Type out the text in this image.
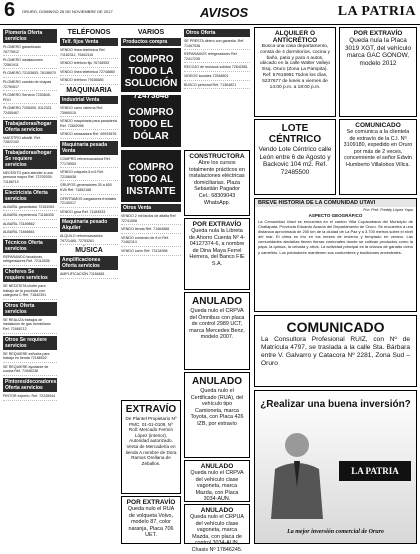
6 ORURO, DOMINGO 26 DE NOVIEMBRE DE 2017	AVISOS	LA PATRIA
Plomería Oferta servicios
PLOMERO garantizado 76775912
PLOMERO instalaciones 72561911
PLOMERO 72153653, 76158970
PLOMERO cambio de chapas 72750617
PLOMERO Servicio 7253845-PDO
PLOMERO 7208400, 5112321 72455467
Trabajadoras/hogar Oferta servicios
MAESTRO albañil. Ref. 72822192
Trabajadoras/hogar Se requiere servicios
NECESITO para atender a una persona mayor Ref. 72792939, 71166710
Electricista Oferta servicios
ALBAÑIL garantizado 72181063
ALBAÑIL experiencia 71166435
ALBAÑIL 73189862
ALBAÑIL 71846661
Técnicos Oferta servicios
REPARANDO lavadoras, refrigeradores Ref. 72114536
Choferes Se requiere servicios
SE NECESITA chofer para trabajo de la provincia con categoría C Ref. 71842391
Otros Oferta servicios
SE REALIZA trabajos de instalación de gas domiciliario Ref. 72468712
Otros Se requiere servicios
SE REQUIERE señorita para trabajo en tienda 72186532
SE REQUIERE ayudante de cocina Ref. 71546238
Pintores/decoradores Oferta servicios
PINTOR experto. Ref. 72245944
TELÉFONOS
Telf. fijos Venta
VENDO línea telefónica Ref. 71162311, 76462116
VENDO teléfono fijo 76746953
VENDO línea telefónica 72748860
VENDO teléfono 79156685
MAQUINARIA
Industrial Venta
VENDO carro cisterna Ref. 73960015
VENDO maquinaria para panadería Ref. 72842096
VENDO amasadora Ref. 69933876
Maquinaria pesada Venta
COMPRO retroexcavadora Ref. 77178953
VENDO volqueta 8 m3 Ref. 72156638
GRUPOS generadores 30 a 600 KVA Ref. 71852166
OFERTAMOS cargadores frontales 72140017
VENDO grúa Ref. 71184533
Maquinaria pesado Alquiler
ALQUILO retroexcavadora 79721465, 72753261
MÚSICA
Amplificaciones Oferta servicios
AMPLIFICACIÓN 71184681
VARIOS
Productos compra
COMPRO TODO LA SOLUCIÓN
72473848
COMPRO TODO EL DÓLAR
COMPRO TODO AL INSTANTE
Otros Venta
VENDO 2 mil fardos de alfalfa Ref. 72741598
VENDO tienda Ref. 71464568
VENDO comercio de 8 m Ref. 71462114
VENDO carro Ref. 73134958
Otros Oferta
SE PRESTA dinero con garantía. Ref. 71467538
REPARAMOS refrigeradores Ref. 72417235
RECOJO de residuos sólidos 72842561
VIDEOS sociales 72548601
BUSCO personal Ref. 71364821
CONSTRUCTORA
Abre los cursos totalmente prácticos en instalaciones eléctricas domiciliarias. Plaza Sebastián Pagador Cel.: 68309043 WhatsApp.
POR EXTRAVÍO
Queda nula la Libreta de Ahorro Cuenta Nº 4-04127374-6, a nombre de Dina Maya Ferrel Herrera, del Banco FIE S.A.
ANULADO
Queda nulo el CRPVA del Ómnibus con placa de control 2989 UCT, marca Mercedes Benz, modelo 2007.
ANULADO
Queda nulo el Certificado (RUA), del vehículo tipo Camioneta, marca Toyota, con Placa 426 IZB, por extravío
EXTRAVÍO
De Plantel Propietario Nº PMC. 01-01-0109, Nº Roll: Mercado Fermín López (interior), Autoridad autorizado. Venta de Mercadería en tienda A nombre de Dora Ramos Orellana de Zeballos.
POR EXTRAVÍO
Queda nulo el RUA de volqueta Volvo, modelo 87, color naranja, Placa 706 UET.
ANULADO
Queda nulo el CRPVA del vehículo clase vagoneta, marca Mazda, con Placa 3034-AUN.
ANULADO
Queda nulo el CRPUA del vehículo clase vagoneta, marca Mazda, con placa de control 3034-AUN, Chasis Nº 17846245.
ALQUILER O ANTICRÉTICO
Busca una casa departamento, consta de 4 dormitorios, cocina y baño, patio y para 4 autos, ubicado en la calle Walter Vallejo Esq. Oruro (Zona La Pampita). Ref: 67616991 Todos los días, 5237677 de lunes a viernes de 14:00 p.m. a 18:00 p.m.
LOTE CÉNTRICO
Vendo Lote Céntrico calle León entre 6 de Agosto y Backovic 104 m2. Ref. 72485500
POR EXTRAVÍO
Queda nula la Placa 3019 XGT, del vehículo marca GAC GONOW, modelo 2012
COMUNICADO
Se comunica a la clientela de extravío de la C.I. Nº 3109180, expedido en Oruro por más de 2 veces, concerniente el señor Edwin Humberto Villalobos Villca.
BREVE HISTORIA DE LA COMUNIDAD UTAVI
Por: Prof. Freddy López Yapu
ASPECTO GEOGRÁFICO
La Comunidad Utavi se encuentra en el cantón Villa Copacabana del Municipio de Challapata, Provincia Eduardo Avaroa del Departamento de Oruro. Se encuentra a una distancia aproximada de 200 km de la ciudad de La Paz y a 3.700 metros sobre el nivel del mar. El clima es frío en los meses de invierno y templado en verano. Las comunidades aledañas tienen tierras comunales donde se cultivan productos como la papa, la quinua, la cebada y otros. La actividad principal es la crianza de ganado ovino y camélido. Los pobladores mantienen sus costumbres y tradiciones ancestrales.
COMUNICADO
La Consultora Profesional RUIZ, con Nº de Matrícula 4797, se traslada a la calle Sta. Bárbara entre V. Galvarro y Catacora Nº 2281, Zona Sud – Oruro
¿Realizar una buena inversión?
LA PATRIA
La mejor inversión comercial de Oruro
